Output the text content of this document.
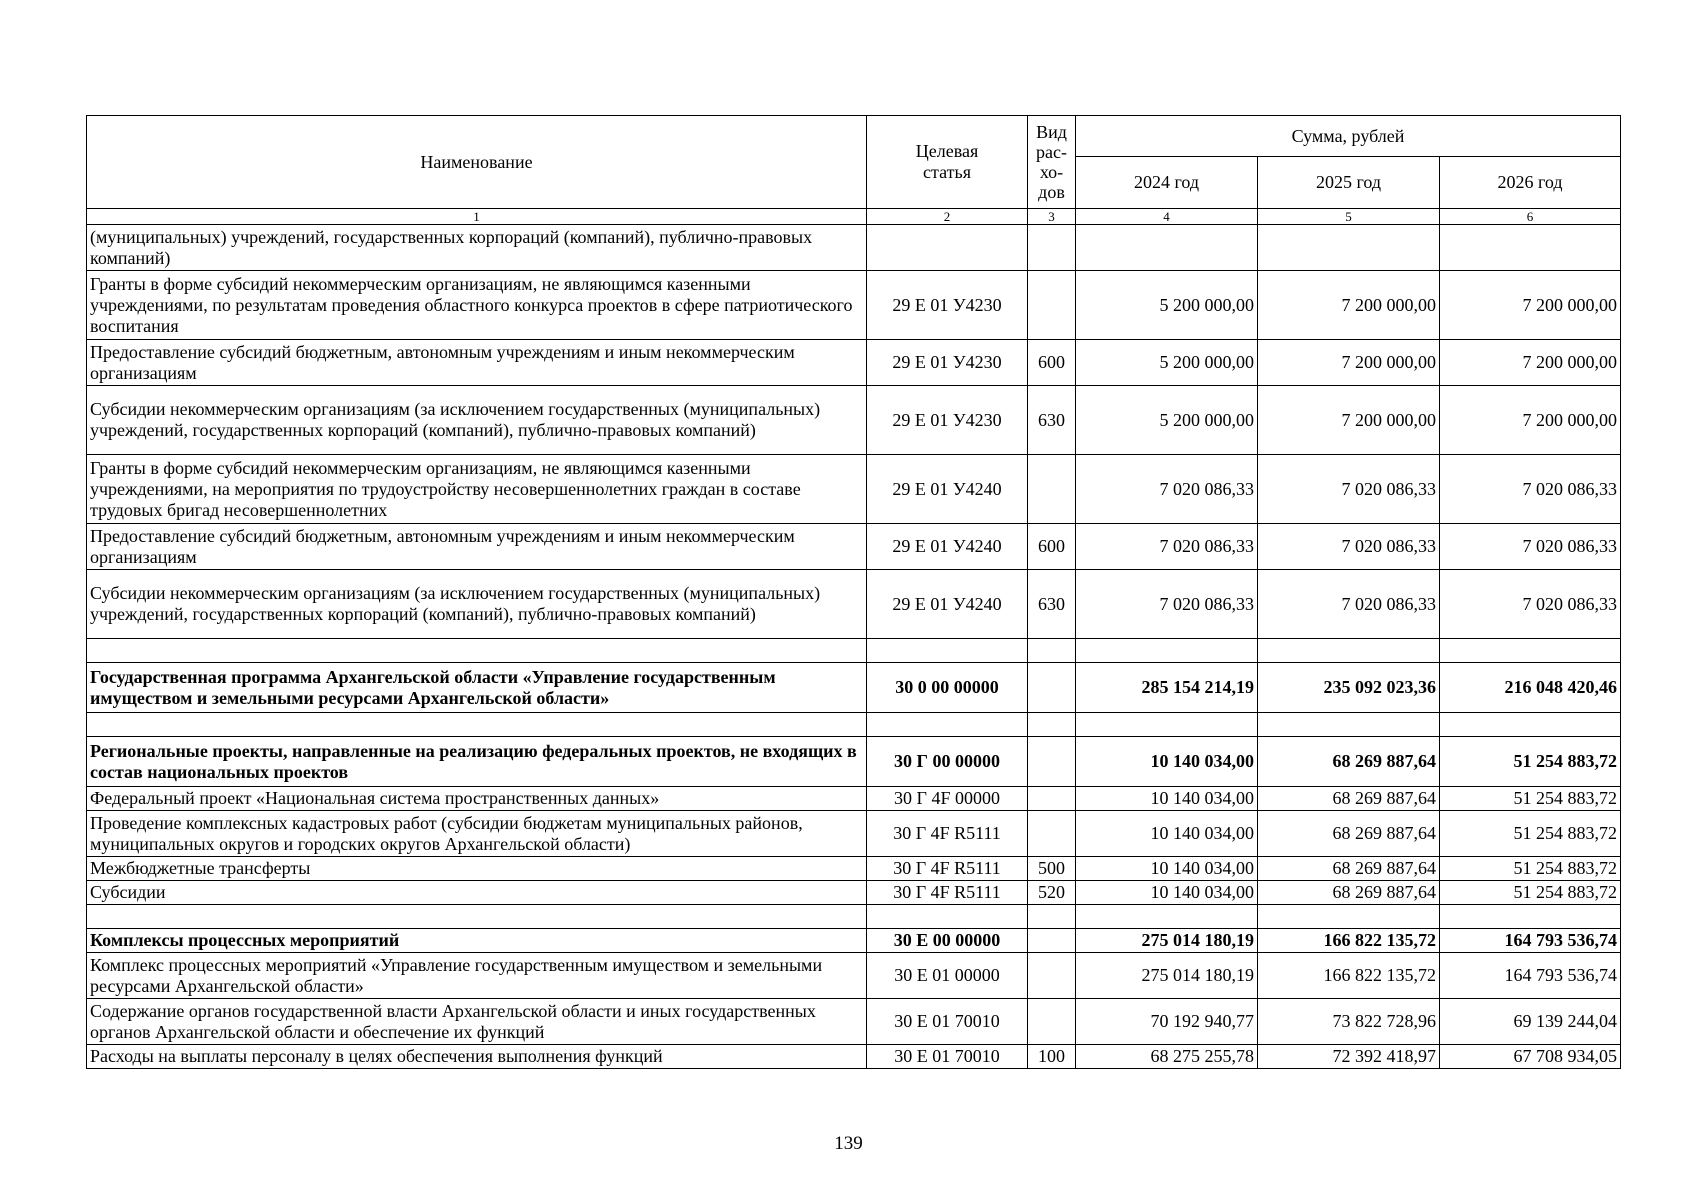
Наименование	Целевая статья	Вид
рас-
хо-
дов	Сумма, рублей		
			2024 год	2025 год	2026 год
1	2	3	4	5	6
(муниципальных) учреждений, государственных корпораций (компаний), публично-правовых компаний)					
Гранты в форме субсидий некоммерческим организациям, не являющимся казенными учреждениями, по результатам проведения областного конкурса проектов в сфере патриотического воспитания	29 Е 01 У4230		5 200 000,00	7 200 000,00	7 200 000,00
Предоставление субсидий бюджетным, автономным учреждениям и иным некоммерческим организациям	29 Е 01 У4230	600	5 200 000,00	7 200 000,00	7 200 000,00
Субсидии некоммерческим организациям (за исключением государственных (муниципальных) учреждений, государственных корпораций (компаний), публично-правовых компаний)	29 Е 01 У4230	630	5 200 000,00	7 200 000,00	7 200 000,00
Гранты в форме субсидий некоммерческим организациям, не являющимся казенными учреждениями, на мероприятия по трудоустройству несовершеннолетних граждан в составе трудовых бригад несовершеннолетних	29 Е 01 У4240		7 020 086,33	7 020 086,33	7 020 086,33
Предоставление субсидий бюджетным, автономным учреждениям и иным некоммерческим организациям	29 Е 01 У4240	600	7 020 086,33	7 020 086,33	7 020 086,33
Субсидии некоммерческим организациям (за исключением государственных (муниципальных) учреждений, государственных корпораций (компаний), публично-правовых компаний)	29 Е 01 У4240	630	7 020 086,33	7 020 086,33	7 020 086,33

Государственная программа Архангельской области «Управление государственным имуществом и земельными ресурсами Архангельской области»	30 0 00 00000		285 154 214,19	235 092 023,36	216 048 420,46

Региональные проекты, направленные на реализацию федеральных проектов, не входящих в состав национальных проектов	30 Г 00 00000		10 140 034,00	68 269 887,64	51 254 883,72
Федеральный проект «Национальная система пространственных данных»	30 Г 4F 00000		10 140 034,00	68 269 887,64	51 254 883,72
Проведение комплексных кадастровых работ (субсидии бюджетам муниципальных районов, муниципальных округов и городских округов Архангельской области)	30 Г 4F R5111		10 140 034,00	68 269 887,64	51 254 883,72
Межбюджетные трансферты	30 Г 4F R5111	500	10 140 034,00	68 269 887,64	51 254 883,72
Субсидии	30 Г 4F R5111	520	10 140 034,00	68 269 887,64	51 254 883,72

Комплексы процессных мероприятий	30 Е 00 00000		275 014 180,19	166 822 135,72	164 793 536,74
Комплекс процессных мероприятий «Управление государственным имуществом и земельными ресурсами Архангельской области»	30 Е 01 00000		275 014 180,19	166 822 135,72	164 793 536,74
Содержание органов государственной власти Архангельской области и иных государственных органов Архангельской области и обеспечение их функций	30 Е 01 70010		70 192 940,77	73 822 728,96	69 139 244,04
Расходы на выплаты персоналу в целях обеспечения выполнения функций	30 Е 01 70010	100	68 275 255,78	72 392 418,97	67 708 934,05
139
